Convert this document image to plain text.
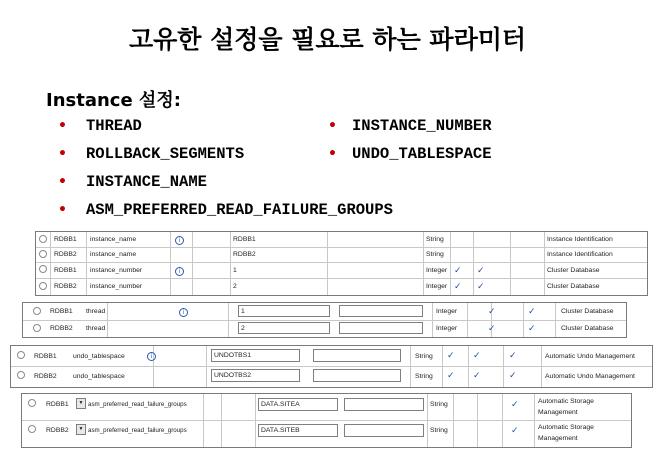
고유한 설정을 필요로 하는 파라미터
Instance 설정:
• THREAD	• INSTANCE_NUMBER
• ROLLBACK_SEGMENTS	• UNDO_TABLESPACE
• INSTANCE_NAME
• ASM_PREFERRED_READ_FAILURE_GROUPS
RDBB1 instance_name	i	RDBB1	String	Instance Identification
RDBB2 instance_name	RDBB2	String	Instance Identification
RDBB1 instance_number	i	1	Integer ✓ ✓	Cluster Database
RDBB2 instance_number	2	Integer ✓ ✓	Cluster Database
RDBB1 thread	i	1	Integer	✓	✓	Cluster Database
RDBB2 thread	2	Integer	✓	✓	Cluster Database
RDBB1 undo_tablespace	i	UNDOTBS1	String ✓ ✓	✓	Automatic Undo Management
RDBB2 undo_tablespace	UNDOTBS2	String ✓ ✓	✓	Automatic Undo Management
RDBB1	▼ asm_preferred_read_failure_groups	DATA.SITEA	String	✓	Automatic Storage
Management
RDBB2	▼ asm_preferred_read_failure_groups	DATA.SITEB	String	✓	Automatic Storage
Management
